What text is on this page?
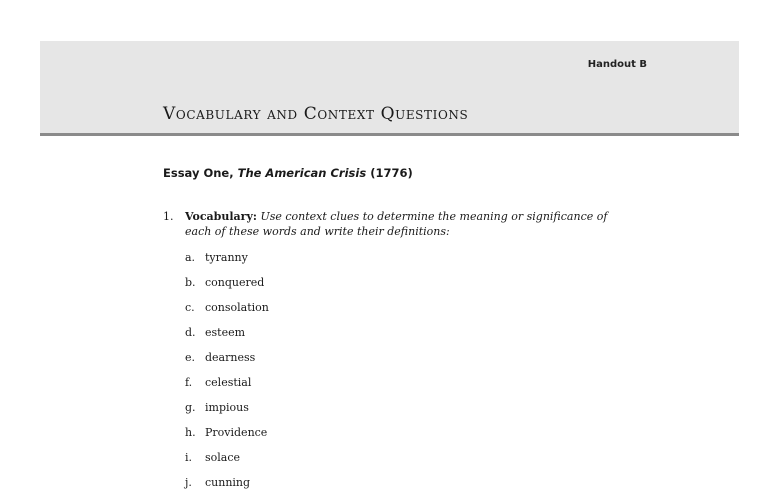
Handout B

Vocabulary and Context Questions
Essay One, The American Crisis (1776)
1. Vocabulary: Use context clues to determine the meaning or significance of each of these words and write their definitions:
a. tyranny
b. conquered
c. consolation
d. esteem
e. dearness
f. celestial
g. impious
h. Providence
i. solace
j. cunning
